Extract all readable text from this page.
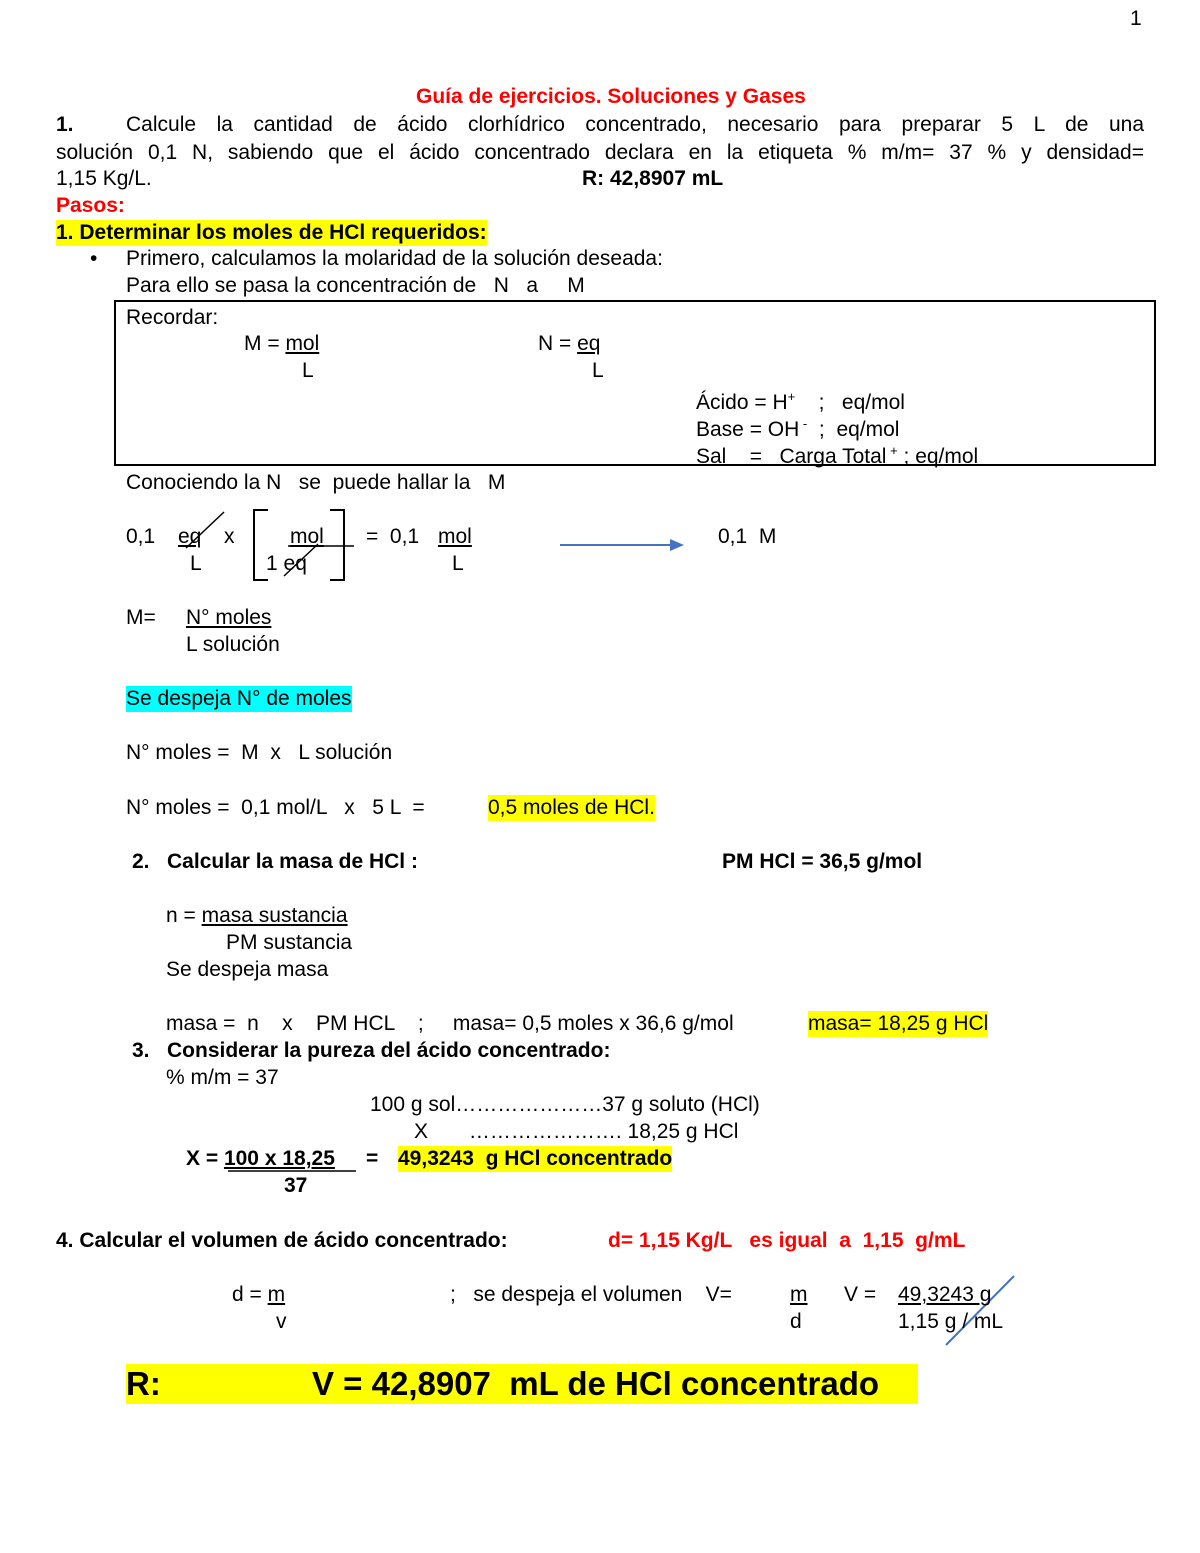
1
Guía de ejercicios. Soluciones y Gases
1. Calcule la cantidad de ácido clorhídrico concentrado, necesario para preparar 5 L de una
solución 0,1 N, sabiendo que el ácido concentrado declara en la etiqueta % m/m= 37 % y densidad=
1,15 Kg/L.	R: 42,8907 mL
Pasos:
1. Determinar los moles de HCl requeridos:
• Primero, calculamos la molaridad de la solución deseada:
Para ello se pasa la concentración de   N   a     M
Recordar:
M = mol
L
N = eq
L
Ácido = H+    ;   eq/mol
Base = OH -  ;  eq/mol
Sal    =   Carga Total + ; eq/mol
Conociendo la N   se  puede hallar la   M
0,1 eq
L
x	mol
1 eq
=  0,1 mol
L
0,1  M
M= N° moles
L solución
Se despeja N° de moles
N° moles =  M  x   L solución
N° moles =  0,1 mol/L   x   5 L  =	0,5 moles de HCl.
2.   Calcular la masa de HCl :	PM HCl = 36,5 g/mol
n = masa sustancia
PM sustancia
Se despeja masa
masa =  n    x    PM HCL    ;     masa= 0,5 moles x 36,6 g/mol	masa= 18,25 g HCl
3.   Considerar la pureza del ácido concentrado:
% m/m = 37
100 g sol…………………37 g soluto (HCl)
X       …………………. 18,25 g HCl
X = 100 x 18,25
37
= 49,3243  g HCl concentrado
4. Calcular el volumen de ácido concentrado:	d= 1,15 Kg/L   es igual  a  1,15  g/mL
d = m
v
;   se despeja el volumen    V=	m
d
V = 49,3243 g
1,15 g / mL
R:	V = 42,8907  mL de HCl concentrado
